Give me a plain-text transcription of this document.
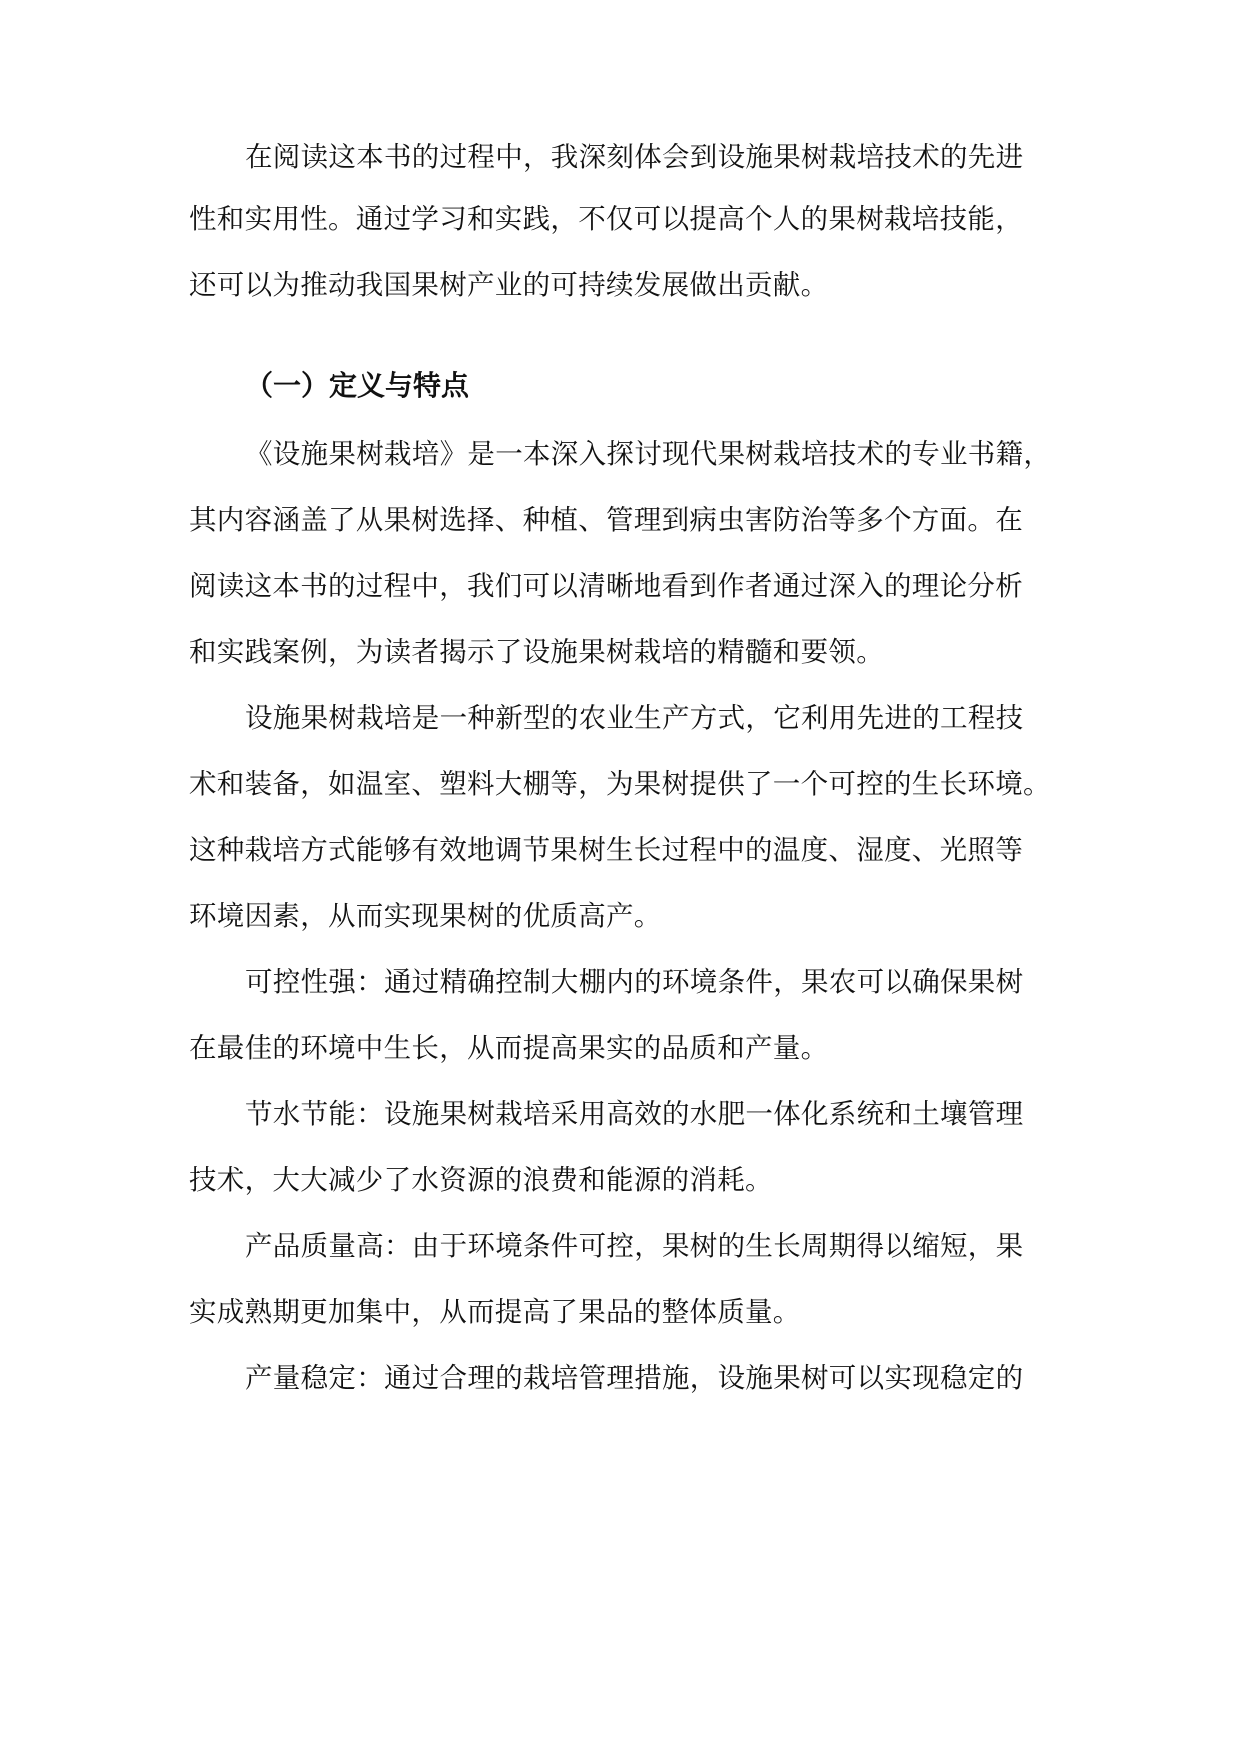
在阅读这本书的过程中，我深刻体会到设施果树栽培技术的先进
性和实用性。通过学习和实践，不仅可以提高个人的果树栽培技能，
还可以为推动我国果树产业的可持续发展做出贡献。
（一）定义与特点
《设施果树栽培》是一本深入探讨现代果树栽培技术的专业书籍，
其内容涵盖了从果树选择、种植、管理到病虫害防治等多个方面。在
阅读这本书的过程中，我们可以清晰地看到作者通过深入的理论分析
和实践案例，为读者揭示了设施果树栽培的精髓和要领。
设施果树栽培是一种新型的农业生产方式，它利用先进的工程技
术和装备，如温室、塑料大棚等，为果树提供了一个可控的生长环境。
这种栽培方式能够有效地调节果树生长过程中的温度、湿度、光照等
环境因素，从而实现果树的优质高产。
可控性强：通过精确控制大棚内的环境条件，果农可以确保果树
在最佳的环境中生长，从而提高果实的品质和产量。
节水节能：设施果树栽培采用高效的水肥一体化系统和土壤管理
技术，大大减少了水资源的浪费和能源的消耗。
产品质量高：由于环境条件可控，果树的生长周期得以缩短，果
实成熟期更加集中，从而提高了果品的整体质量。
产量稳定：通过合理的栽培管理措施，设施果树可以实现稳定的
